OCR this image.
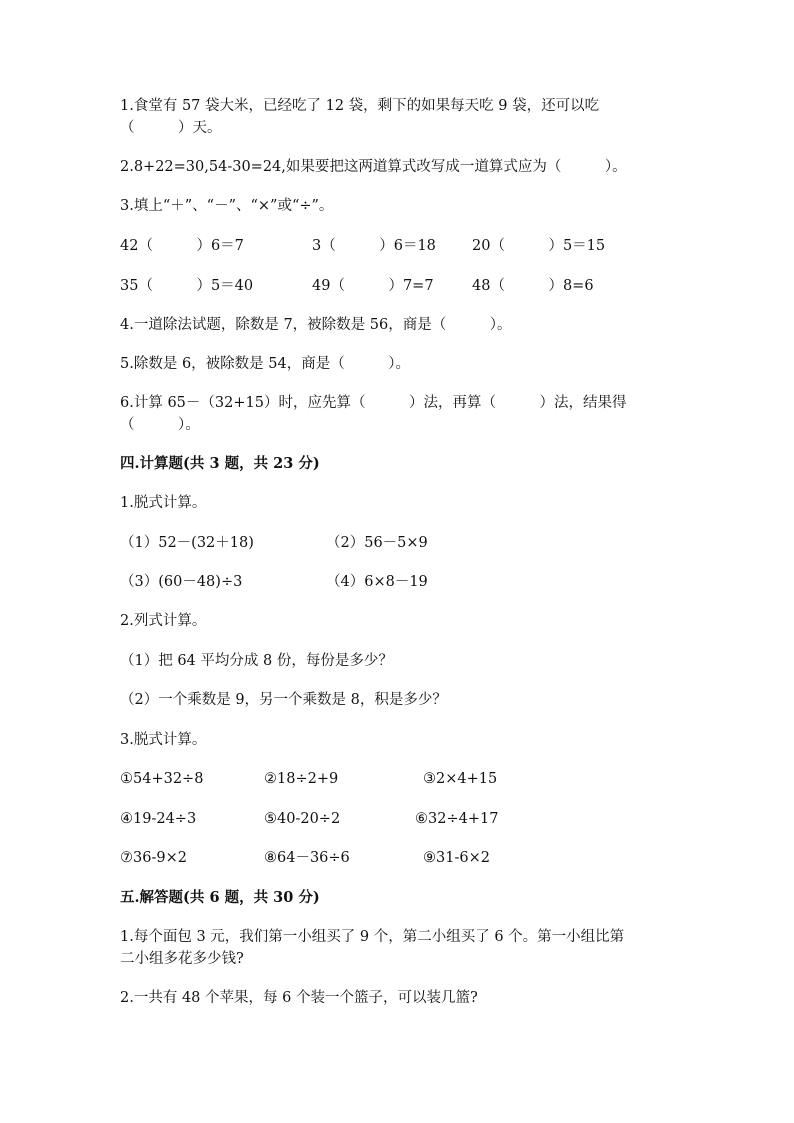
1.食堂有 57 袋大米，已经吃了 12 袋，剩下的如果每天吃 9 袋，还可以吃
（　　　）天。
2.8+22=30,54-30=24,如果要把这两道算式改写成一道算式应为（　　　）。
3.填上“＋”、“－”、“×”或“÷”。
42（　　　）6＝7	3（　　　）6＝18 20（　　　）5＝15
35（　　　）5＝40	49（　　　）7=7	48（　　　）8=6
4.一道除法试题，除数是 7，被除数是 56，商是（　　　）。
5.除数是 6，被除数是 54，商是（　　　）。
6.计算 65－（32+15）时，应先算（　　　）法，再算（　　　）法，结果得
（　　　）。
四.计算题(共 3 题，共 23 分)
1.脱式计算。
（1）52－(32＋18)	（2）56－5×9
（3）(60－48)÷3	（4）6×8－19
2.列式计算。
（1）把 64 平均分成 8 份，每份是多少？
（2）一个乘数是 9，另一个乘数是 8，积是多少？
3.脱式计算。
①54+32÷8	②18÷2+9	③2×4+15
④19-24÷3	⑤40-20÷2	⑥32÷4+17
⑦36-9×2	⑧64－36÷6	⑨31-6×2
五.解答题(共 6 题，共 30 分)
1.每个面包 3 元，我们第一小组买了 9 个，第二小组买了 6 个。第一小组比第
二小组多花多少钱?
2.一共有 48 个苹果，每 6 个装一个篮子，可以装几篮?
